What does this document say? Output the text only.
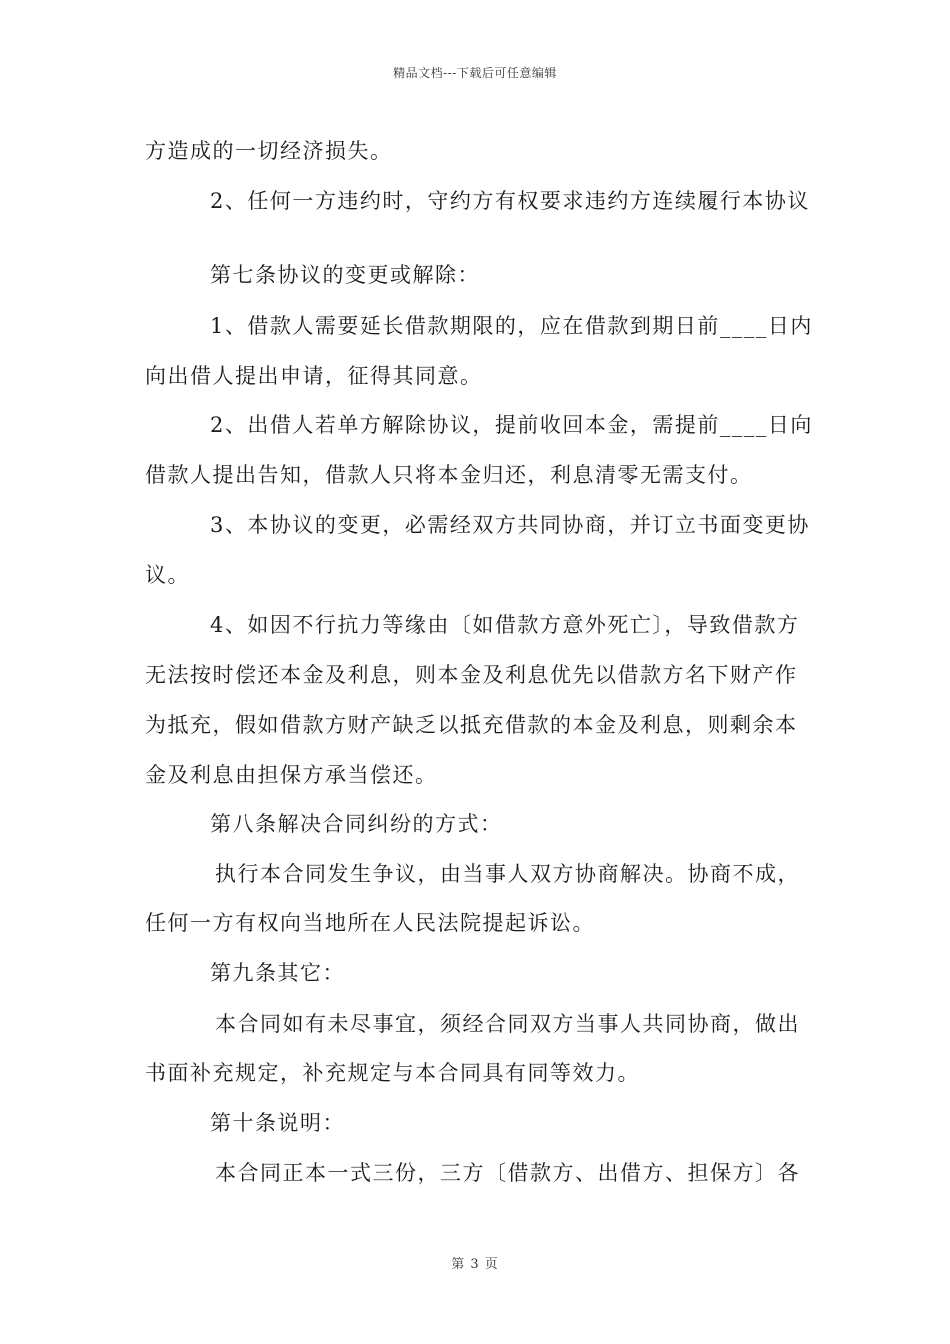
精品文档---下载后可任意编辑
方造成的一切经济损失。
2、任何一方违约时，守约方有权要求违约方连续履行本协议
第七条协议的变更或解除：
1、借款人需要延长借款期限的，应在借款到期日前____日内
向出借人提出申请，征得其同意。
2、出借人若单方解除协议，提前收回本金，需提前____日向
借款人提出告知，借款人只将本金归还，利息清零无需支付。
3、本协议的变更，必需经双方共同协商，并订立书面变更协
议。
4、如因不行抗力等缘由〔如借款方意外死亡〕，导致借款方
无法按时偿还本金及利息，则本金及利息优先以借款方名下财产作
为抵充，假如借款方财产缺乏以抵充借款的本金及利息，则剩余本
金及利息由担保方承当偿还。
第八条解决合同纠纷的方式：
执行本合同发生争议，由当事人双方协商解决。协商不成，
任何一方有权向当地所在人民法院提起诉讼。
第九条其它：
本合同如有未尽事宜，须经合同双方当事人共同协商，做出
书面补充规定，补充规定与本合同具有同等效力。
第十条说明：
本合同正本一式三份，三方〔借款方、出借方、担保方〕各
第 3 页
